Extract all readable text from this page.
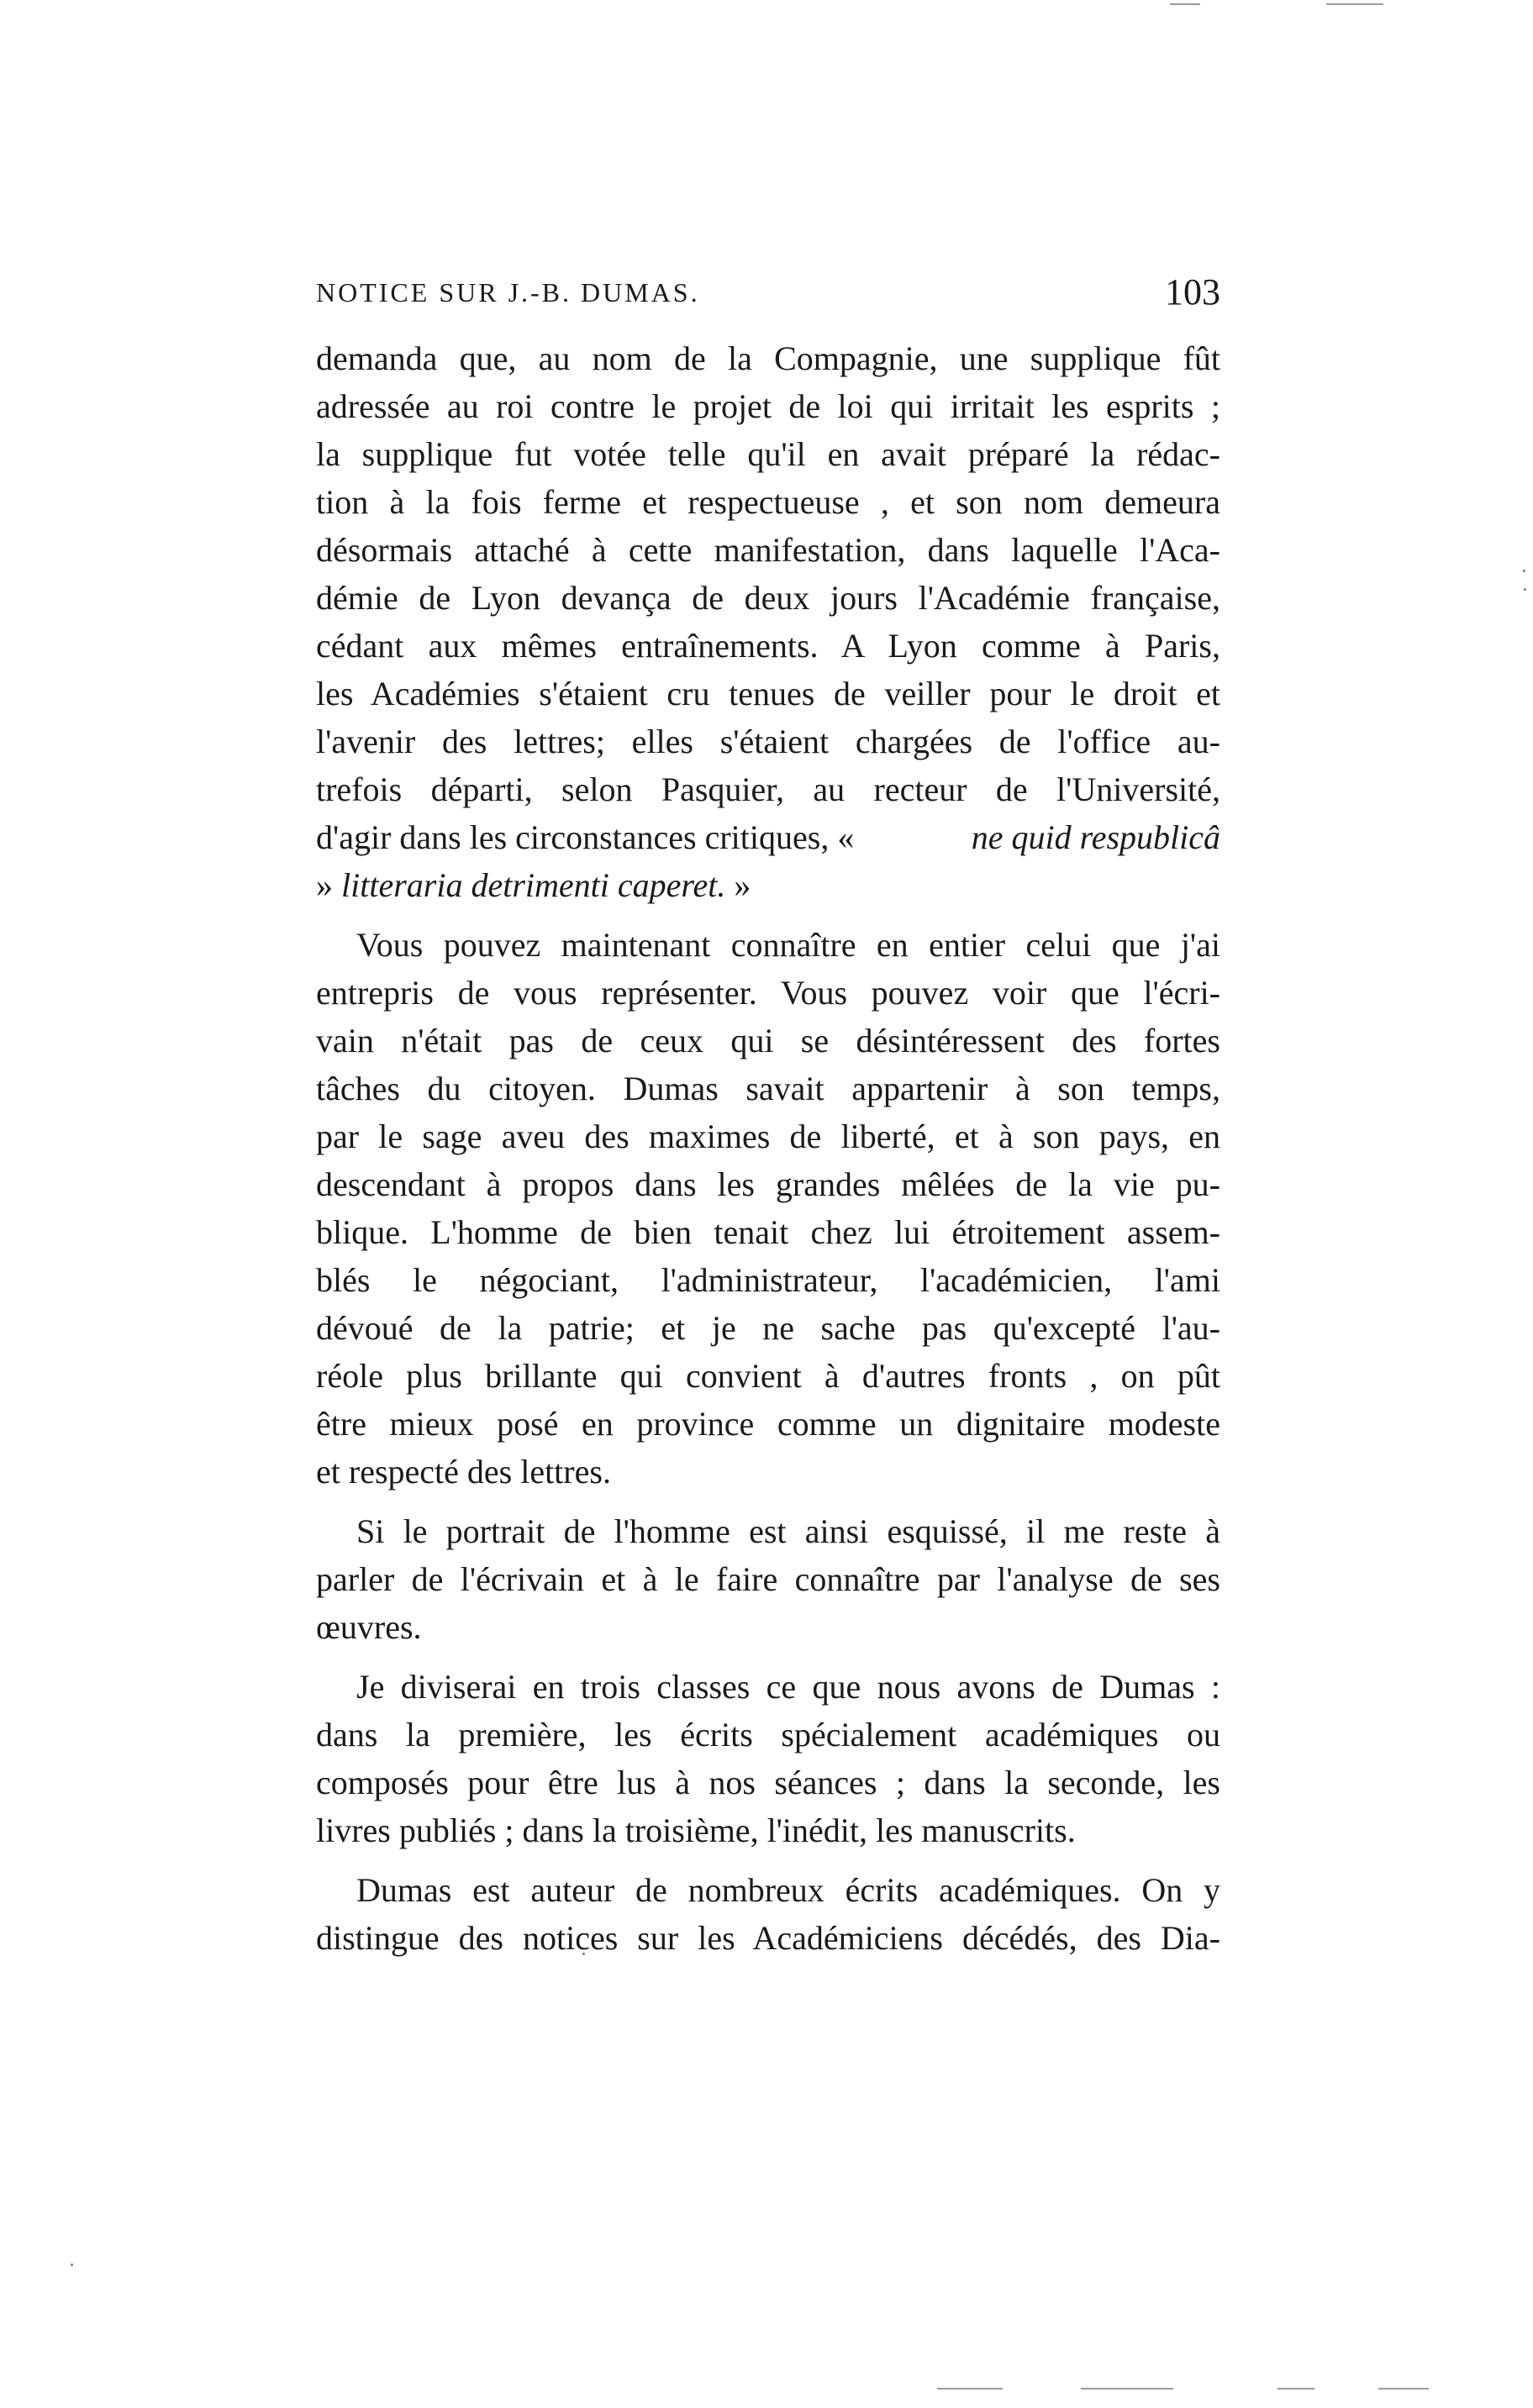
NOTICE SUR J.-B. DUMAS.	103
demanda que, au nom de la Compagnie, une supplique fût
adressée au roi contre le projet de loi qui irritait les esprits ;
la supplique fut votée telle qu'il en avait préparé la rédac-
tion à la fois ferme et respectueuse , et son nom demeura
désormais attaché à cette manifestation, dans laquelle l'Aca-
démie de Lyon devança de deux jours l'Académie française,
cédant aux mêmes entraînements. A Lyon comme à Paris,
les Académies s'étaient cru tenues de veiller pour le droit et
l'avenir des lettres; elles s'étaient chargées de l'office au-
trefois départi, selon Pasquier, au recteur de l'Université,
d'agir dans les circonstances critiques, «	ne quid respublicâ
» litteraria detrimenti caperet. »
Vous pouvez maintenant connaître en entier celui que j'ai
entrepris de vous représenter. Vous pouvez voir que l'écri-
vain n'était pas de ceux qui se désintéressent des fortes
tâches du citoyen. Dumas savait appartenir à son temps,
par le sage aveu des maximes de liberté, et à son pays, en
descendant à propos dans les grandes mêlées de la vie pu-
blique. L'homme de bien tenait chez lui étroitement assem-
blés le négociant, l'administrateur, l'académicien, l'ami
dévoué de la patrie; et je ne sache pas qu'excepté l'au-
réole plus brillante qui convient à d'autres fronts , on pût
être mieux posé en province comme un dignitaire modeste
et respecté des lettres.
Si le portrait de l'homme est ainsi esquissé, il me reste à
parler de l'écrivain et à le faire connaître par l'analyse de ses
œuvres.
Je diviserai en trois classes ce que nous avons de Dumas :
dans la première, les écrits spécialement académiques ou
composés pour être lus à nos séances ; dans la seconde, les
livres publiés ; dans la troisième, l'inédit, les manuscrits.
Dumas est auteur de nombreux écrits académiques. On y
distingue des notices sur les Académiciens décédés, des Dia-
